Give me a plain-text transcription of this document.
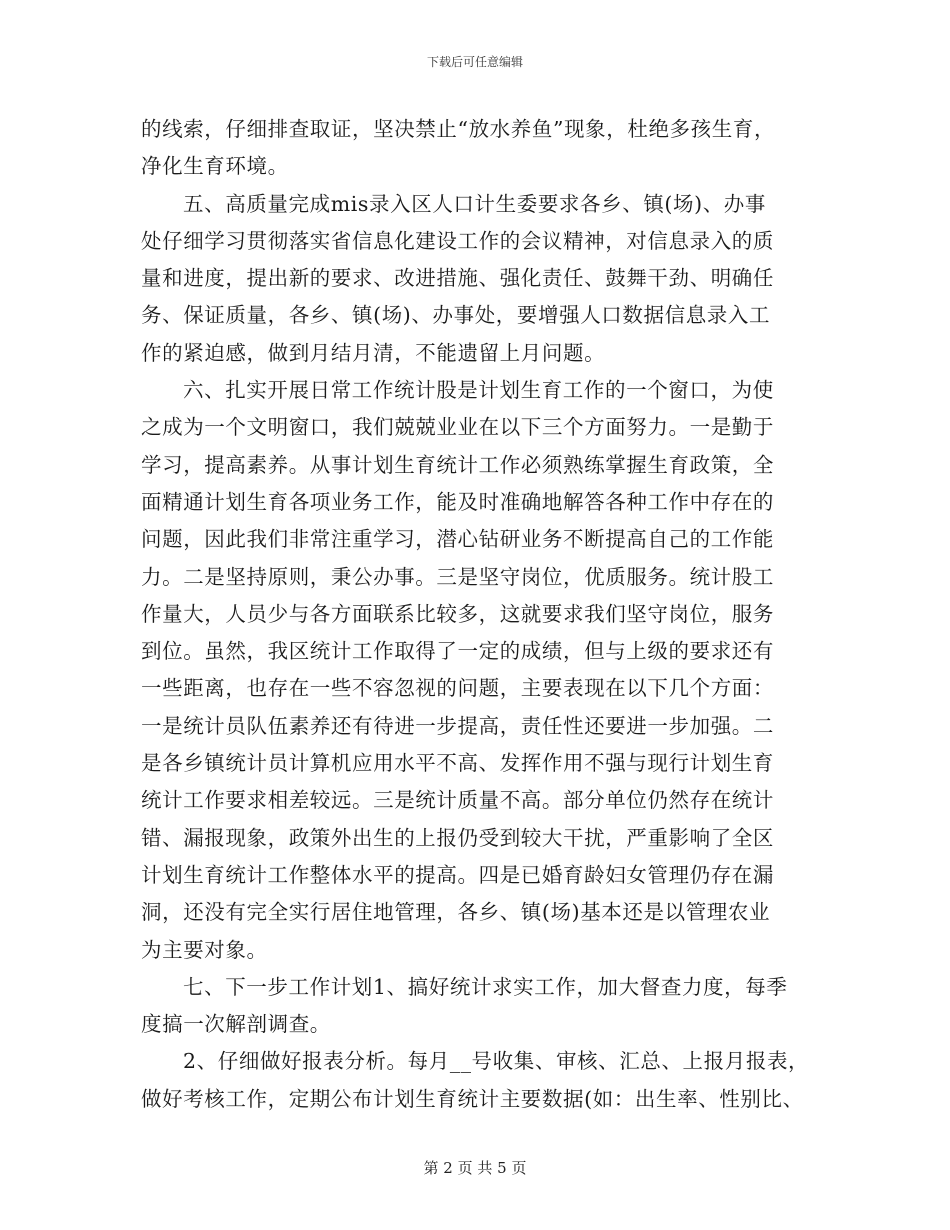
下载后可任意编辑
的线索，仔细排查取证，坚决禁止“放水养鱼”现象，杜绝多孩生育，
净化生育环境。
五、高质量完成mis录入区人口计生委要求各乡、镇(场)、办事
处仔细学习贯彻落实省信息化建设工作的会议精神，对信息录入的质
量和进度，提出新的要求、改进措施、强化责任、鼓舞干劲、明确任
务、保证质量，各乡、镇(场)、办事处，要增强人口数据信息录入工
作的紧迫感，做到月结月清，不能遗留上月问题。
六、扎实开展日常工作统计股是计划生育工作的一个窗口，为使
之成为一个文明窗口，我们兢兢业业在以下三个方面努力。一是勤于
学习，提高素养。从事计划生育统计工作必须熟练掌握生育政策，全
面精通计划生育各项业务工作，能及时准确地解答各种工作中存在的
问题，因此我们非常注重学习，潜心钻研业务不断提高自己的工作能
力。二是坚持原则，秉公办事。三是坚守岗位，优质服务。统计股工
作量大，人员少与各方面联系比较多，这就要求我们坚守岗位，服务
到位。虽然，我区统计工作取得了一定的成绩，但与上级的要求还有
一些距离，也存在一些不容忽视的问题，主要表现在以下几个方面：
一是统计员队伍素养还有待进一步提高，责任性还要进一步加强。二
是各乡镇统计员计算机应用水平不高、发挥作用不强与现行计划生育
统计工作要求相差较远。三是统计质量不高。部分单位仍然存在统计
错、漏报现象，政策外出生的上报仍受到较大干扰，严重影响了全区
计划生育统计工作整体水平的提高。四是已婚育龄妇女管理仍存在漏
洞，还没有完全实行居住地管理，各乡、镇(场)基本还是以管理农业
为主要对象。
七、下一步工作计划1、搞好统计求实工作，加大督查力度，每季
度搞一次解剖调查。
2、仔细做好报表分析。每月__号收集、审核、汇总、上报月报表，
做好考核工作，定期公布计划生育统计主要数据(如：出生率、性别比、
第 2 页 共 5 页
